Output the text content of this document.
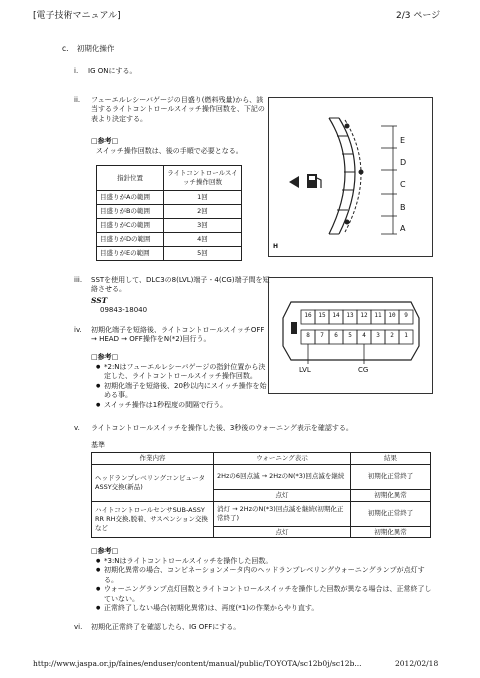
[電子技術マニュアル]	2/3 ページ
c. 初期化操作
i. IG ONにする。
ii. フューエルレシーバゲージの目盛り(燃料残量)から、該当するライトコントロールスイッチ操作回数を、下記の表より決定する。
□参考□
スイッチ操作回数は、後の手順で必要となる。
指針位置	ライトコントロールスイッチ操作回数
目盛りがAの範囲	1回
目盛りがBの範囲	2回
目盛りがCの範囲	3回
目盛りがDの範囲	4回
目盛りがEの範囲	5回
E
D
C
B
A
H
iii. SSTを使用して、DLC3の8(LVL)端子 - 4(CG)端子間を短絡させる。
SST
09843-18040
16	15	14	13	12	11	10	9
8	7	6	5	4	3	2	1
LVL	CG
iv. 初期化端子を短絡後、ライトコントロールスイッチOFF → HEAD → OFF操作をN(*2)回行う。
□参考□
● *2:Nはフューエルレシーバゲージの指針位置から決定した、ライトコントロールスイッチ操作回数。
● 初期化端子を短絡後、20秒以内にスイッチ操作を始める事。
● スイッチ操作は1秒程度の間隔で行う。
v. ライトコントロールスイッチを操作した後、3秒後のウォーニング表示を確認する。
基準
作業内容	ウォーニング表示	結果
ヘッドランプレベリングコンピュータASSY交換(新品)	2Hzの6回点滅 → 2HzのN(*3)回点滅を継続	初期化正常終了
	点灯	初期化異常
ハイトコントロールセンサSUB-ASSY RR RH交換,脱着、サスペンション交換など	消灯 → 2HzのN(*3)回点滅を継続(初期化正常終了)	初期化正常終了
	点灯	初期化異常
□参考□
● *3:Nはライトコントロールスイッチを操作した回数。
● 初期化異常の場合、コンビネーションメータ内のヘッドランプレベリングウォーニングランプが点灯する。
● ウォーニングランプ点灯回数とライトコントロールスイッチを操作した回数が異なる場合は、正常終了していない。
● 正常終了しない場合(初期化異常)は、再度(*1)の作業からやり直す。
vi. 初期化正常終了を確認したら、IG OFFにする。
http://www.jaspa.or.jp/faines/enduser/content/manual/public/TOYOTA/sc12b0j/sc12b...	2012/02/18
